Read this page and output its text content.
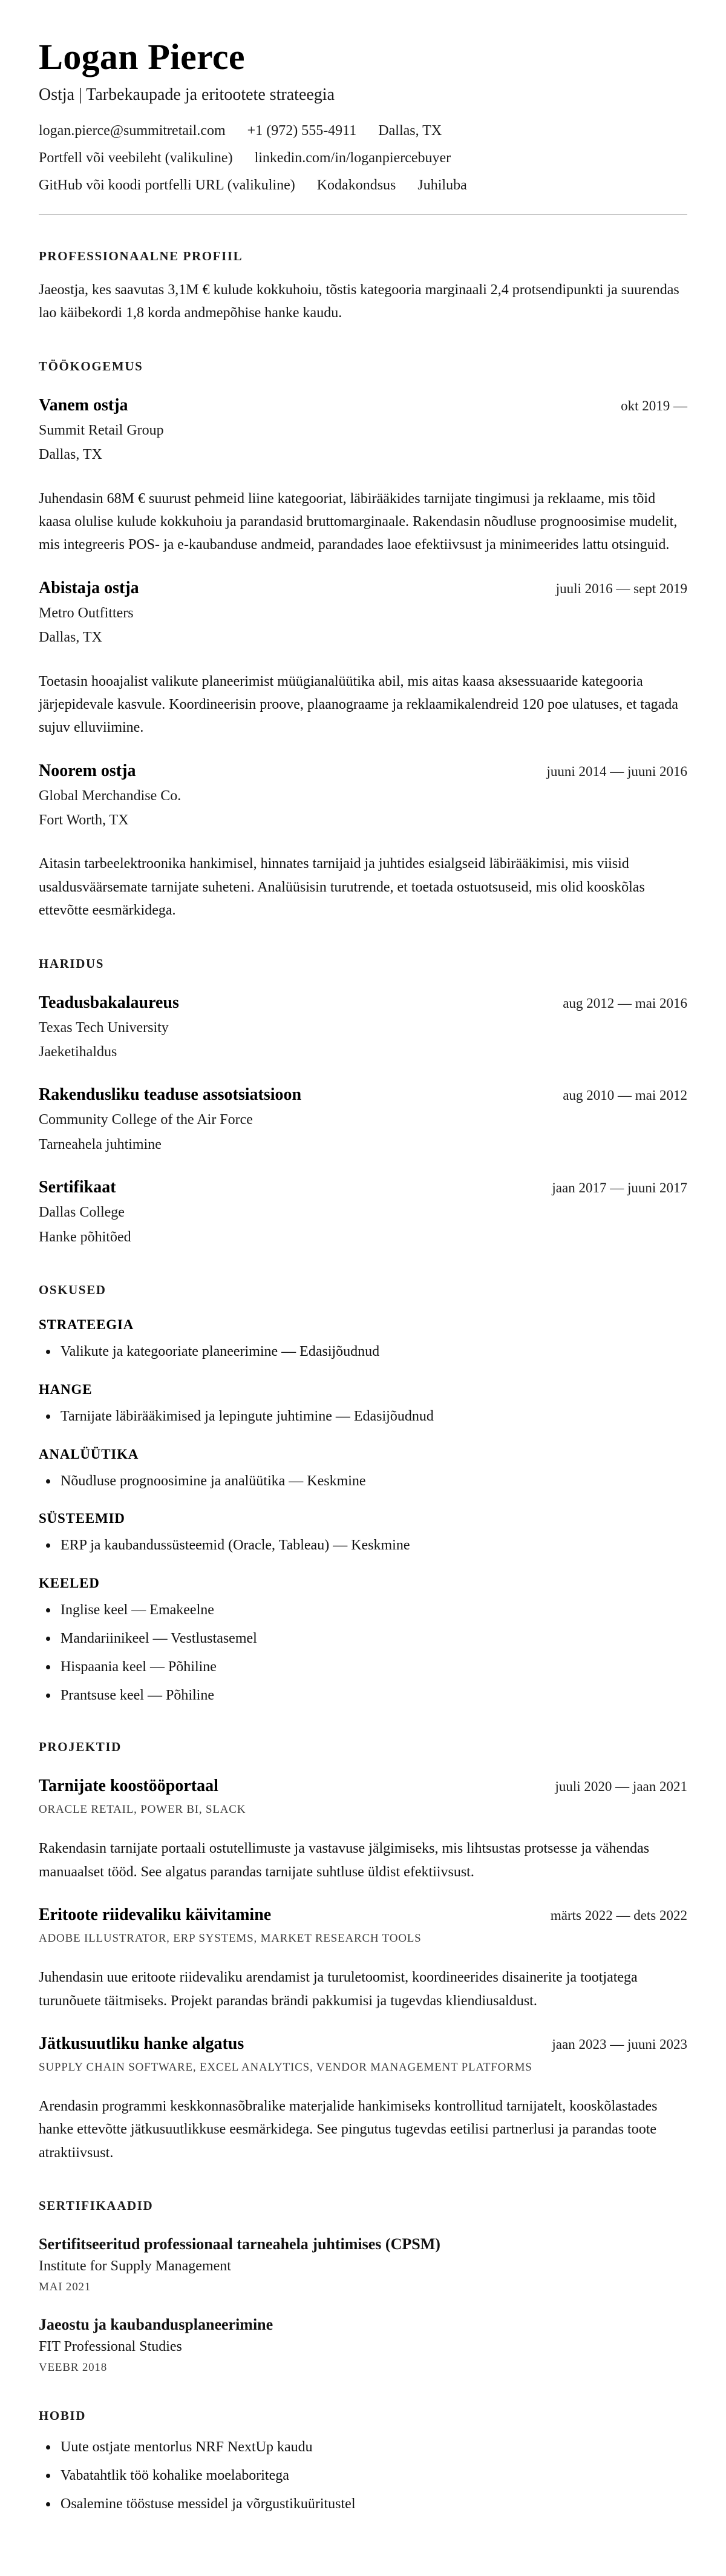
Logan Pierce
Ostja | Tarbekaupade ja eritootete strateegia
logan.pierce@summitretail.com +1 (972) 555-4911 Dallas, TX
Portfell või veebileht (valikuline) linkedin.com/in/loganpiercebuyer
GitHub või koodi portfelli URL (valikuline) Kodakondsus Juhiluba
PROFESSIONAALNE PROFIIL

Jaeostja, kes saavutas 3,1M € kulude kokkuhoiu, tõstis kategooria marginaali 2,4 protsendipunkti ja suurendas lao käibekordi 1,8 korda andmepõhise hanke kaudu.

TÖÖKOGEMUS
Vanem ostja	okt 2019 —
Summit Retail Group
Dallas, TX

Juhendasin 68M € suurust pehmeid liine kategooriat, läbirääkides tarnijate tingimusi ja reklaame, mis tõid kaasa olulise kulude kokkuhoiu ja parandasid bruttomarginaale. Rakendasin nõudluse prognoosimise mudelit, mis integreeris POS- ja e-kaubanduse andmeid, parandades laoe efektiivsust ja minimeerides lattu otsinguid.

Abistaja ostja	juuli 2016 — sept 2019
Metro Outfitters
Dallas, TX

Toetasin hooajalist valikute planeerimist müügianalüütika abil, mis aitas kaasa aksessuaaride kategooria järjepidevale kasvule. Koordineerisin proove, plaanograame ja reklaamikalendreid 120 poe ulatuses, et tagada sujuv elluviimine.

Noorem ostja	juuni 2014 — juuni 2016
Global Merchandise Co.
Fort Worth, TX

Aitasin tarbeelektroonika hankimisel, hinnates tarnijaid ja juhtides esialgseid läbirääkimisi, mis viisid usaldusväärsemate tarnijate suheteni. Analüüsisin turutrende, et toetada ostuotsuseid, mis olid kooskõlas ettevõtte eesmärkidega.

HARIDUS
Teadusbakalaureus	aug 2012 — mai 2016
Texas Tech University
Jaeketihaldus
Rakendusliku teaduse assotsiatsioon	aug 2010 — mai 2012
Community College of the Air Force
Tarneahela juhtimine
Sertifikaat	jaan 2017 — juuni 2017
Dallas College
Hanke põhitõed
OSKUSED
STRATEEGIA
• Valikute ja kategooriate planeerimine — Edasijõudnud
HANGE
• Tarnijate läbirääkimised ja lepingute juhtimine — Edasijõudnud
ANALÜÜTIKA
• Nõudluse prognoosimine ja analüütika — Keskmine
SÜSTEEMID
• ERP ja kaubandussüsteemid (Oracle, Tableau) — Keskmine
KEELED
• Inglise keel — Emakeelne
• Mandariinikeel — Vestlustasemel
• Hispaania keel — Põhiline
• Prantsuse keel — Põhiline
PROJEKTID
Tarnijate koostööportaal	juuli 2020 — jaan 2021
ORACLE RETAIL, POWER BI, SLACK

Rakendasin tarnijate portaali ostutellimuste ja vastavuse jälgimiseks, mis lihtsustas protsesse ja vähendas manuaalset tööd. See algatus parandas tarnijate suhtluse üldist efektiivsust.

Eritoote riidevaliku käivitamine	märts 2022 — dets 2022
ADOBE ILLUSTRATOR, ERP SYSTEMS, MARKET RESEARCH TOOLS

Juhendasin uue eritoote riidevaliku arendamist ja turuletoomist, koordineerides disainerite ja tootjatega turunõuete täitmiseks. Projekt parandas brändi pakkumisi ja tugevdas kliendiusaldust.

Jätkusuutliku hanke algatus	jaan 2023 — juuni 2023
SUPPLY CHAIN SOFTWARE, EXCEL ANALYTICS, VENDOR MANAGEMENT PLATFORMS

Arendasin programmi keskkonnasõbralike materjalide hankimiseks kontrollitud tarnijatelt, kooskõlastades hanke ettevõtte jätkusuutlikkuse eesmärkidega. See pingutus tugevdas eetilisi partnerlusi ja parandas toote atraktiivsust.

SERTIFIKAADID
Sertifitseeritud professionaal tarneahela juhtimises (CPSM)
Institute for Supply Management
MAI 2021
Jaeostu ja kaubandusplaneerimine
FIT Professional Studies
VEEBR 2018
HOBID
• Uute ostjate mentorlus NRF NextUp kaudu
• Vabatahtlik töö kohalike moelaboritega
• Osalemine tööstuse messidel ja võrgustikuüritustel
